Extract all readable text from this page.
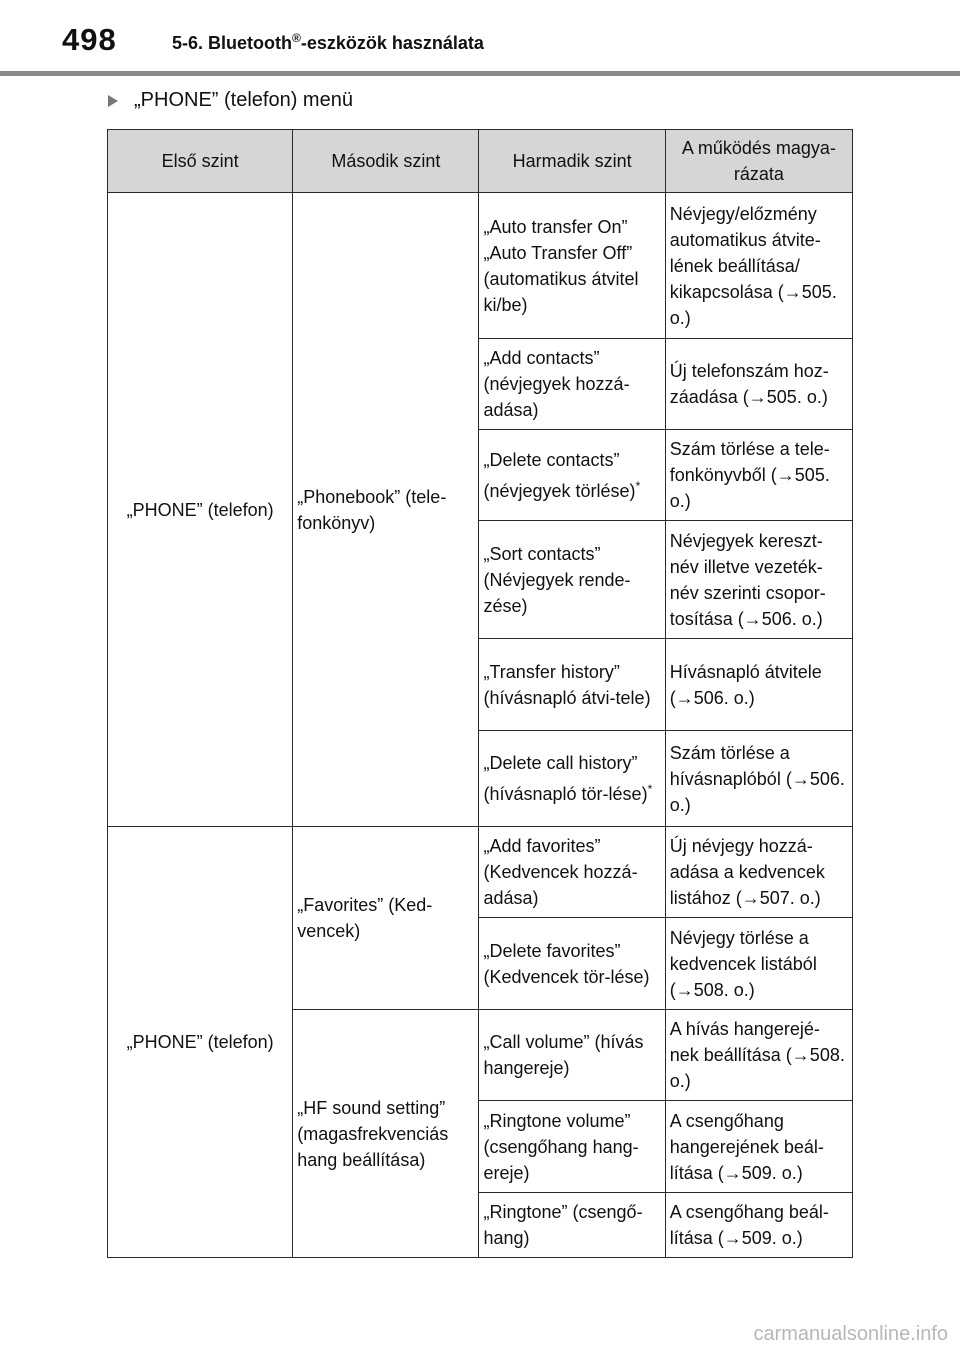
498	5-6. Bluetooth®-eszközök használata
„PHONE” (telefon) menü
Első szint	Második szint	Harmadik szint	A működés magya-rázata
„PHONE” (telefon)	„Phonebook” (tele-fonkönyv)	„Auto transfer On” „Auto Transfer Off” (automatikus átvitel ki/be)	Névjegy/előzmény automatikus átvite-lének beállítása/ kikapcsolása (→505. o.)
		„Add contacts” (névjegyek hozzá-adása)	Új telefonszám hoz-záadása (→505. o.)
		„Delete contacts” (névjegyek törlése)*	Szám törlése a tele-fonkönyvből (→505. o.)
		„Sort contacts” (Névjegyek rende-zése)	Névjegyek kereszt-név illetve vezeték-név szerinti csopor-tosítása (→506. o.)
		„Transfer history” (hívásnapló átvi-tele)	Hívásnapló átvitele (→506. o.)
		„Delete call history” (hívásnapló tör-lése)*	Szám törlése a hívásnaplóból (→506. o.)
„PHONE” (telefon)	„Favorites” (Ked-vencek)	„Add favorites” (Kedvencek hozzá-adása)	Új névjegy hozzá-adása a kedvencek listához (→507. o.)
		„Delete favorites” (Kedvencek tör-lése)	Névjegy törlése a kedvencek listából (→508. o.)
	„HF sound setting” (magasfrekvenciás hang beállítása)	„Call volume” (hívás hangereje)	A hívás hangerejé-nek beállítása (→508. o.)
		„Ringtone volume” (csengőhang hang-ereje)	A csengőhang hangerejének beál-lítása (→509. o.)
		„Ringtone” (csengő-hang)	A csengőhang beál-lítása (→509. o.)
carmanualsonline.info
